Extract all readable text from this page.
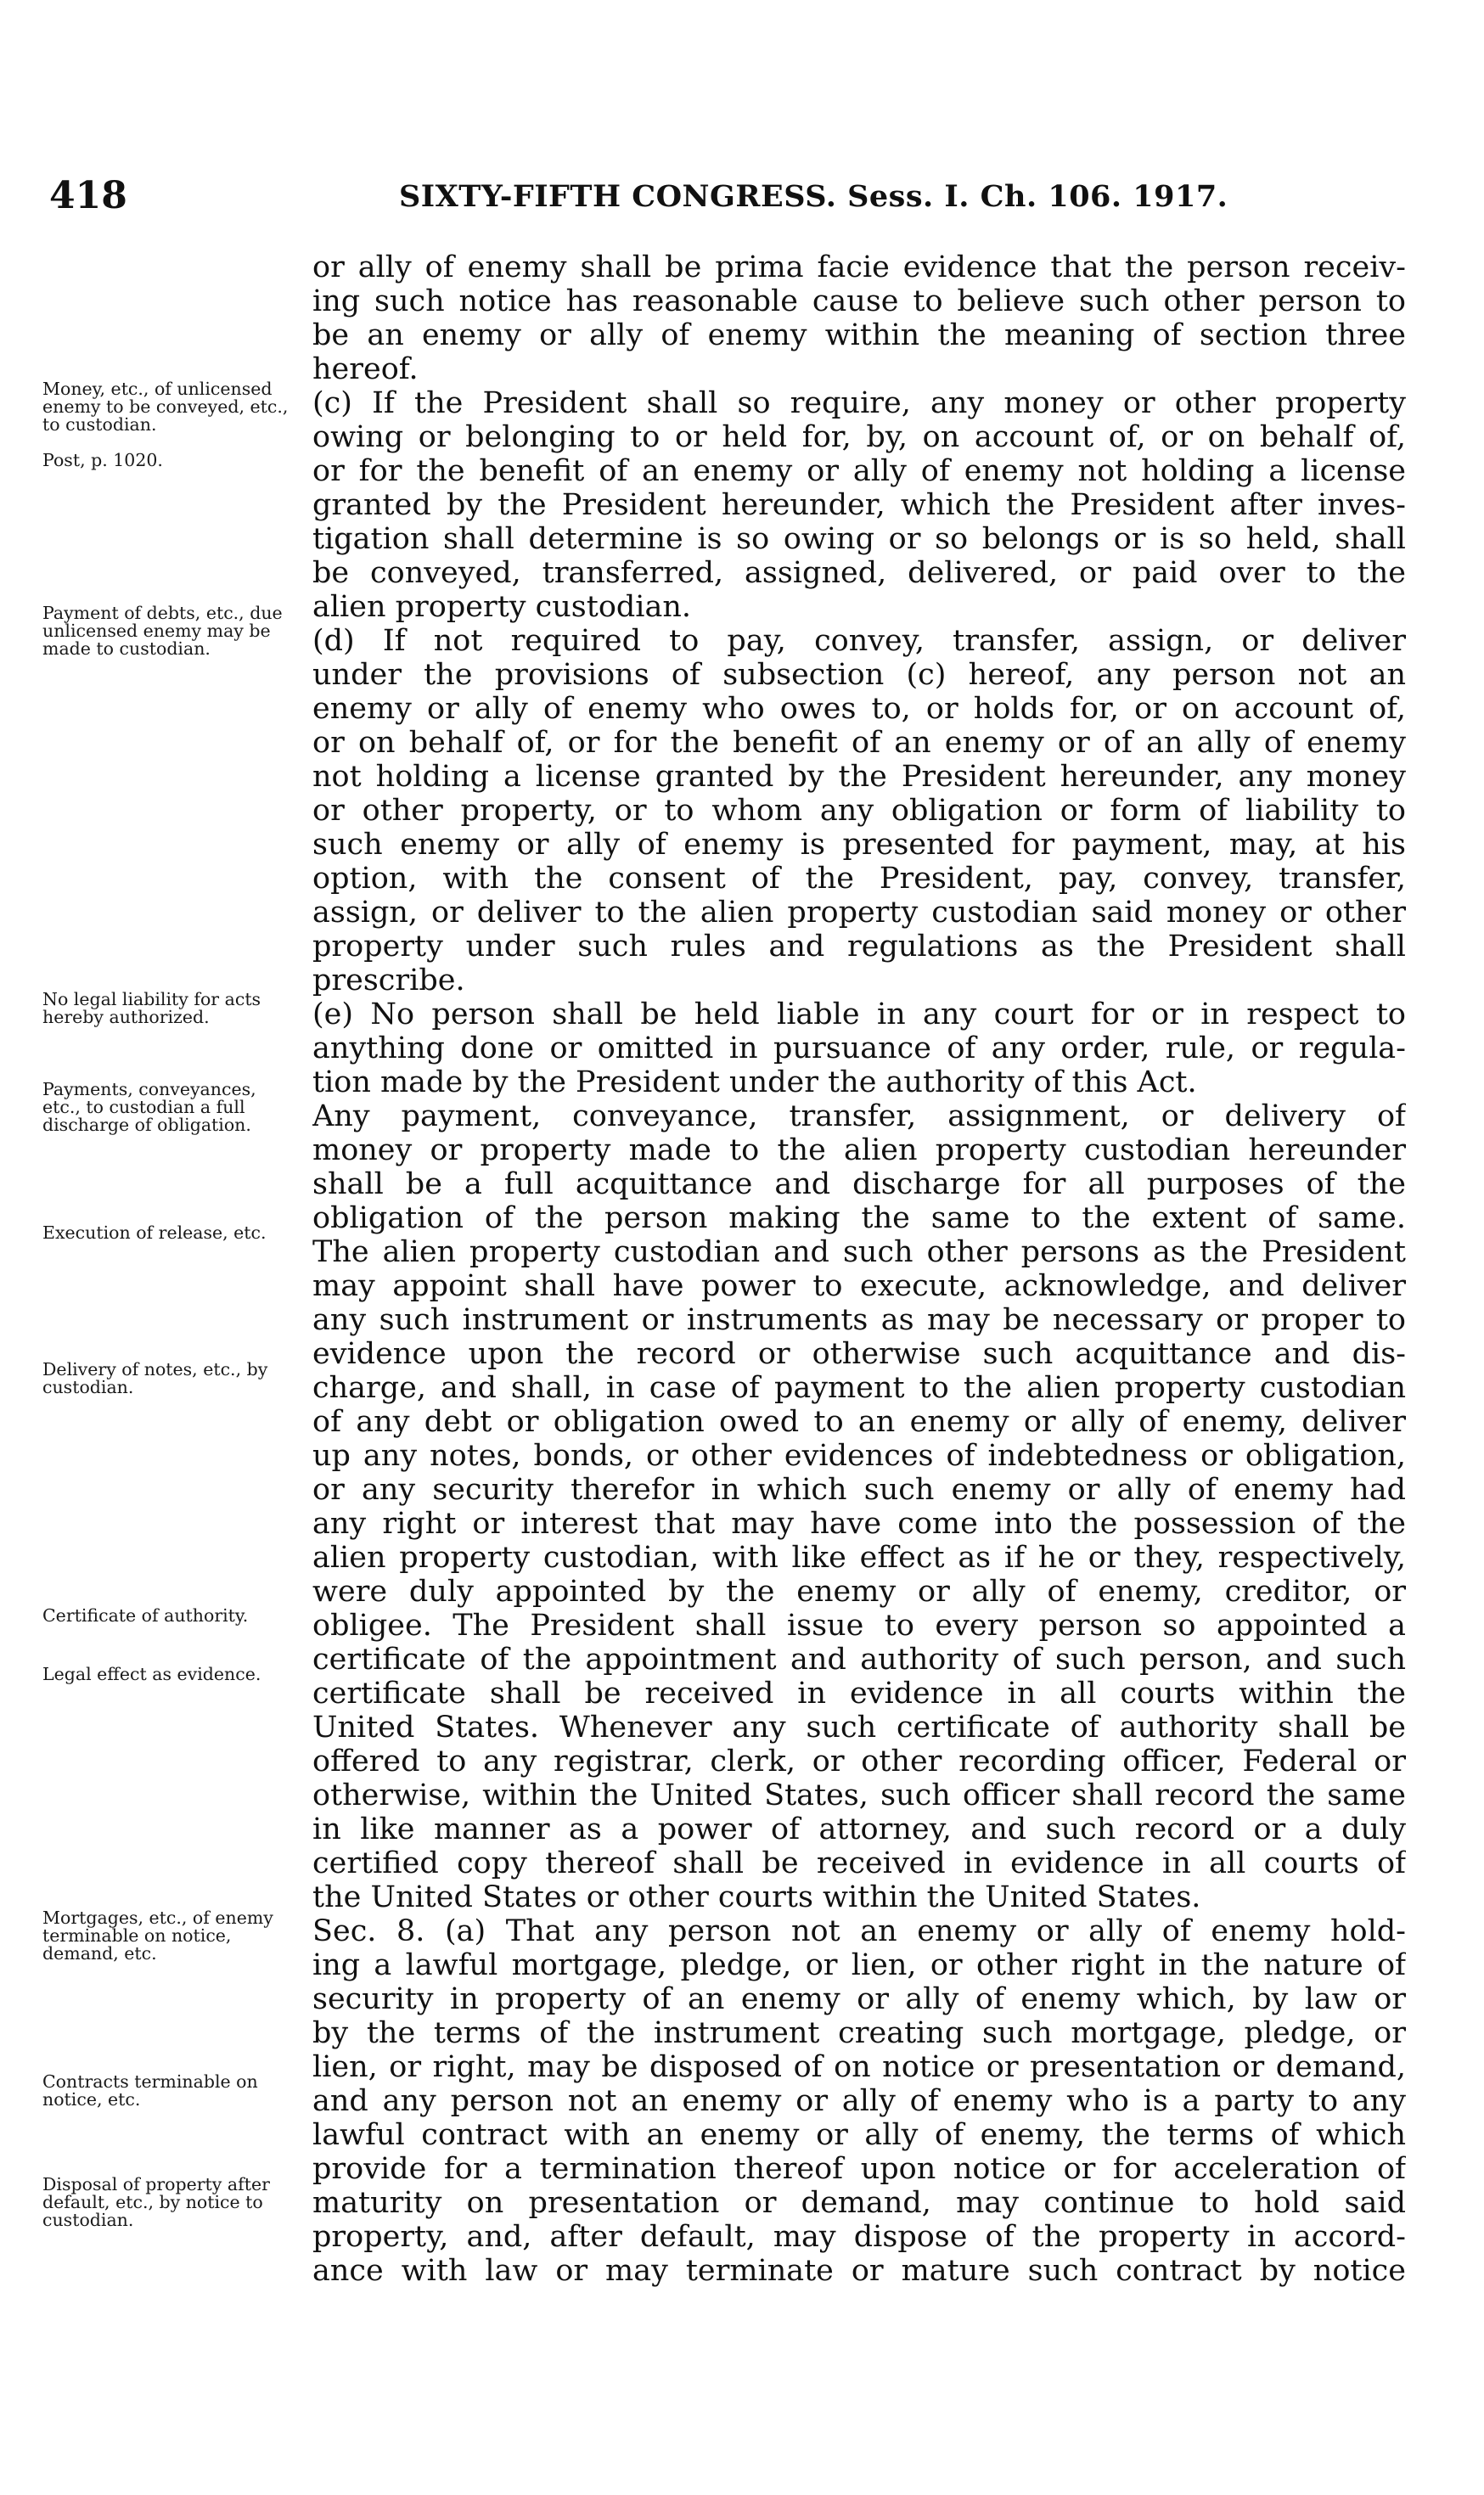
418	SIXTY-FIFTH CONGRESS. Sess. I. Ch. 106. 1917.
Money, etc., of unlicensed enemy to be conveyed, etc., to custodian.
Post, p. 1020.
Payment of debts, etc., due unlicensed enemy may be made to custodian.
No legal liability for acts hereby authorized.
Payments, conveyances, etc., to custodian a full discharge of obligation.
Execution of release, etc.
Delivery of notes, etc., by custodian.
Certificate of authority.
Legal effect as evidence.
Mortgages, etc., of enemy terminable on notice, demand, etc.
Contracts terminable on notice, etc.
Disposal of property after default, etc., by notice to custodian.
or ally of enemy shall be prima facie evidence that the person receiv-
ing such notice has reasonable cause to believe such other person to
be an enemy or ally of enemy within the meaning of section three
hereof.
(c) If the President shall so require, any money or other property
owing or belonging to or held for, by, on account of, or on behalf of,
or for the benefit of an enemy or ally of enemy not holding a license
granted by the President hereunder, which the President after inves-
tigation shall determine is so owing or so belongs or is so held, shall
be conveyed, transferred, assigned, delivered, or paid over to the
alien property custodian.
(d) If not required to pay, convey, transfer, assign, or deliver
under the provisions of subsection (c) hereof, any person not an
enemy or ally of enemy who owes to, or holds for, or on account of,
or on behalf of, or for the benefit of an enemy or of an ally of enemy
not holding a license granted by the President hereunder, any money
or other property, or to whom any obligation or form of liability to
such enemy or ally of enemy is presented for payment, may, at his
option, with the consent of the President, pay, convey, transfer,
assign, or deliver to the alien property custodian said money or other
property under such rules and regulations as the President shall
prescribe.
(e) No person shall be held liable in any court for or in respect to
anything done or omitted in pursuance of any order, rule, or regula-
tion made by the President under the authority of this Act.
Any payment, conveyance, transfer, assignment, or delivery of
money or property made to the alien property custodian hereunder
shall be a full acquittance and discharge for all purposes of the
obligation of the person making the same to the extent of same.
The alien property custodian and such other persons as the President
may appoint shall have power to execute, acknowledge, and deliver
any such instrument or instruments as may be necessary or proper to
evidence upon the record or otherwise such acquittance and dis-
charge, and shall, in case of payment to the alien property custodian
of any debt or obligation owed to an enemy or ally of enemy, deliver
up any notes, bonds, or other evidences of indebtedness or obligation,
or any security therefor in which such enemy or ally of enemy had
any right or interest that may have come into the possession of the
alien property custodian, with like effect as if he or they, respectively,
were duly appointed by the enemy or ally of enemy, creditor, or
obligee. The President shall issue to every person so appointed a
certificate of the appointment and authority of such person, and such
certificate shall be received in evidence in all courts within the
United States. Whenever any such certificate of authority shall be
offered to any registrar, clerk, or other recording officer, Federal or
otherwise, within the United States, such officer shall record the same
in like manner as a power of attorney, and such record or a duly
certified copy thereof shall be received in evidence in all courts of
the United States or other courts within the United States.
Sec. 8. (a) That any person not an enemy or ally of enemy hold-
ing a lawful mortgage, pledge, or lien, or other right in the nature of
security in property of an enemy or ally of enemy which, by law or
by the terms of the instrument creating such mortgage, pledge, or
lien, or right, may be disposed of on notice or presentation or demand,
and any person not an enemy or ally of enemy who is a party to any
lawful contract with an enemy or ally of enemy, the terms of which
provide for a termination thereof upon notice or for acceleration of
maturity on presentation or demand, may continue to hold said
property, and, after default, may dispose of the property in accord-
ance with law or may terminate or mature such contract by notice
